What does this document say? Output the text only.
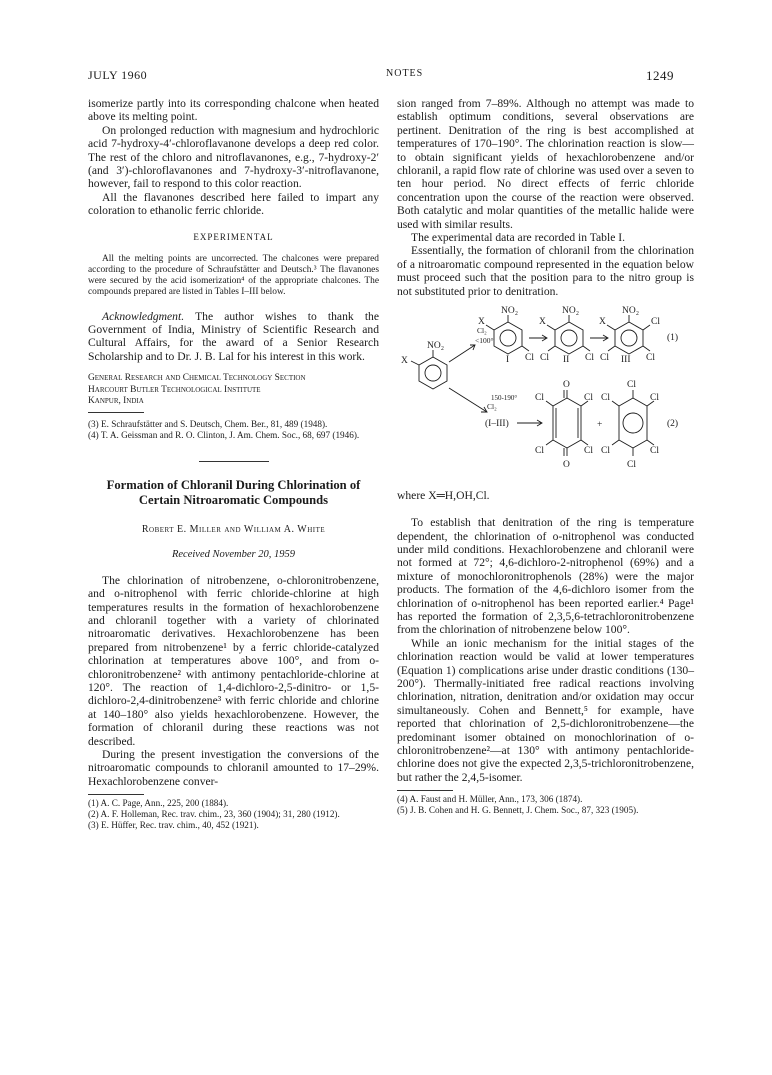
JULY 1960	NOTES	1249

isomerize partly into its corresponding chalcone when heated above its melting point.

On prolonged reduction with magnesium and hydrochloric acid 7-hydroxy-4′-chloroflavanone develops a deep red color. The rest of the chloro and nitroflavanones, e.g., 7-hydroxy-2′(and 3′)-chloroflavanones and 7-hydroxy-3′-nitroflavanone, however, fail to respond to this color reaction.

All the flavanones described here failed to impart any coloration to ethanolic ferric chloride.

EXPERIMENTAL

All the melting points are uncorrected. The chalcones were prepared according to the procedure of Schraufstätter and Deutsch.³ The flavanones were secured by the acid isomerization⁴ of the appropriate chalcones. The compounds prepared are listed in Tables I–III below.

Acknowledgment. The author wishes to thank the Government of India, Ministry of Scientific Research and Cultural Affairs, for the award of a Senior Research Scholarship and to Dr. J. B. Lal for his interest in this work.

General Research and Chemical Technology Section
Harcourt Butler Technological Institute
Kanpur, India
(3) E. Schraufstätter and S. Deutsch, Chem. Ber., 81, 489 (1948).
(4) T. A. Geissman and R. O. Clinton, J. Am. Chem. Soc., 68, 697 (1946).
Formation of Chloranil During Chlorination of Certain Nitroaromatic Compounds
Robert E. Miller and William A. White
Received November 20, 1959

The chlorination of nitrobenzene, o-chloronitrobenzene, and o-nitrophenol with ferric chloride-chlorine at high temperatures results in the formation of hexachlorobenzene and chloranil together with a variety of chlorinated nitroaromatic derivatives. Hexachlorobenzene has been prepared from nitrobenzene¹ by a ferric chloride-catalyzed chlorination at temperatures above 100°, and from o-chloronitrobenzene² with antimony pentachloride-chlorine at 120°. The reaction of 1,4-dichloro-2,5-dinitro- or 1,5-dichloro-2,4-dinitrobenzene³ with ferric chloride and chlorine at 140–180° also yields hexachlorobenzene. However, the formation of chloranil during these reactions was not described.

During the present investigation the conversions of the nitroaromatic compounds to chloranil amounted to 17–29%. Hexachlorobenzene conver-

(1) A. C. Page, Ann., 225, 200 (1884).
(2) A. F. Holleman, Rec. trav. chim., 23, 360 (1904); 31, 280 (1912).
(3) E. Hüffer, Rec. trav. chim., 40, 452 (1921).

sion ranged from 7–89%. Although no attempt was made to establish optimum conditions, several observations are pertinent. Denitration of the ring is best accomplished at temperatures of 170–190°. The chlorination reaction is slow—to obtain significant yields of hexachlorobenzene and/or chloranil, a rapid flow rate of chlorine was used over a seven to ten hour period. No direct effects of ferric chloride concentration upon the course of the reaction were observed. Both catalytic and molar quantities of the metallic halide were used with similar results.

The experimental data are recorded in Table I.

Essentially, the formation of chloranil from the chlorination of a nitroaromatic compound represented in the equation below must proceed such that the position para to the nitro group is not substituted prior to denitration.

NO₂
X
Cl₂
<100°
150-190°
Cl₂
NO₂
X
Cl
I
NO₂
X
Cl
Cl II
NO₂
X	Cl
Cl
Cl III
(1)
(I–III)
O
O
Cl	Cl
Cl	Cl
+
Cl
Cl
Cl	Cl
Cl	Cl
(2)
where X═H,OH,Cl.

To establish that denitration of the ring is temperature dependent, the chlorination of o-nitrophenol was conducted under mild conditions. Hexachlorobenzene and chloranil were not formed at 72°; 4,6-dichloro-2-nitrophenol (69%) and a mixture of monochloronitrophenols (28%) were the major products. The formation of the 4,6-dichloro isomer from the chlorination of o-nitrophenol has been reported earlier.⁴ Page¹ has reported the formation of 2,3,5,6-tetrachloronitrobenzene from the chlorination of nitrobenzene below 100°.

While an ionic mechanism for the initial stages of the chlorination reaction would be valid at lower temperatures (Equation 1) complications arise under drastic conditions (130–200°). Thermally-initiated free radical reactions involving chlorination, nitration, denitration and/or oxidation may occur simultaneously. Cohen and Bennett,⁵ for example, have reported that chlorination of 2,5-dichloronitrobenzene—the predominant isomer obtained on monochlorination of o-chloronitrobenzene²—at 130° with antimony pentachloride-chlorine does not give the expected 2,3,5-trichloronitrobenzene, but rather the 2,4,5-isomer.

(4) A. Faust and H. Müller, Ann., 173, 306 (1874).
(5) J. B. Cohen and H. G. Bennett, J. Chem. Soc., 87, 323 (1905).
